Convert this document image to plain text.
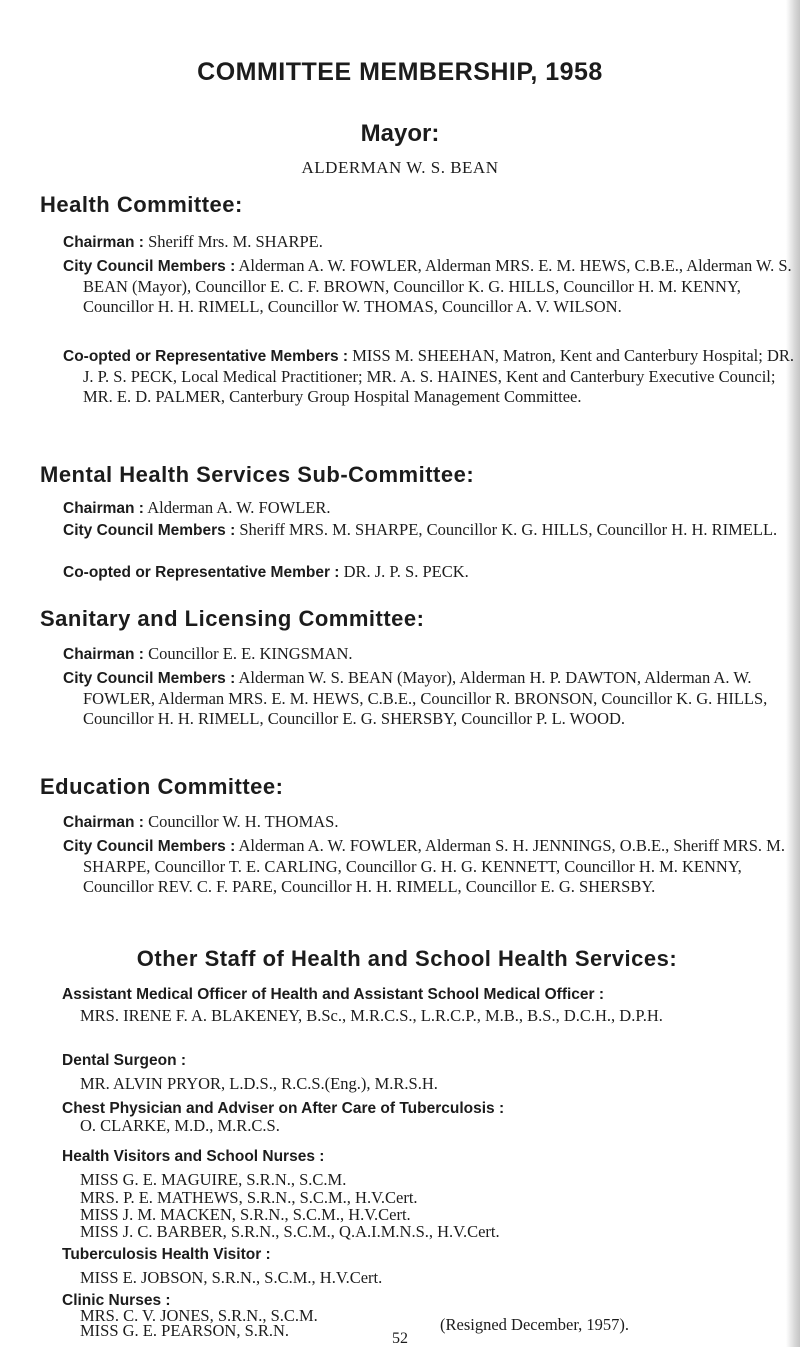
COMMITTEE MEMBERSHIP, 1958
Mayor:
ALDERMAN W. S. BEAN
Health Committee:
Chairman : Sheriff Mrs. M. SHARPE.
City Council Members : Alderman A. W. FOWLER, Alderman MRS. E. M. HEWS, C.B.E., Alderman W. S. BEAN (Mayor), Councillor E. C. F. BROWN, Councillor K. G. HILLS, Councillor H. M. KENNY, Councillor H. H. RIMELL, Councillor W. THOMAS, Councillor A. V. WILSON.
Co-opted or Representative Members : MISS M. SHEEHAN, Matron, Kent and Canterbury Hospital; DR. J. P. S. PECK, Local Medical Practitioner; MR. A. S. HAINES, Kent and Canterbury Executive Council; MR. E. D. PALMER, Canterbury Group Hospital Management Committee.
Mental Health Services Sub-Committee:
Chairman : Alderman A. W. FOWLER.
City Council Members : Sheriff MRS. M. SHARPE, Councillor K. G. HILLS, Councillor H. H. RIMELL.
Co-opted or Representative Member : DR. J. P. S. PECK.
Sanitary and Licensing Committee:
Chairman : Councillor E. E. KINGSMAN.
City Council Members : Alderman W. S. BEAN (Mayor), Alderman H. P. DAWTON, Alderman A. W. FOWLER, Alderman MRS. E. M. HEWS, C.B.E., Councillor R. BRONSON, Councillor K. G. HILLS, Councillor H. H. RIMELL, Councillor E. G. SHERSBY, Councillor P. L. WOOD.
Education Committee:
Chairman : Councillor W. H. THOMAS.
City Council Members : Alderman A. W. FOWLER, Alderman S. H. JENNINGS, O.B.E., Sheriff MRS. M. SHARPE, Councillor T. E. CARLING, Councillor G. H. G. KENNETT, Councillor H. M. KENNY, Councillor REV. C. F. PARE, Councillor H. H. RIMELL, Councillor E. G. SHERSBY.
Other Staff of Health and School Health Services:
Assistant Medical Officer of Health and Assistant School Medical Officer :
MRS. IRENE F. A. BLAKENEY, B.Sc., M.R.C.S., L.R.C.P., M.B., B.S., D.C.H., D.P.H.
Dental Surgeon :
MR. ALVIN PRYOR, L.D.S., R.C.S.(Eng.), M.R.S.H.
Chest Physician and Adviser on After Care of Tuberculosis :
O. CLARKE, M.D., M.R.C.S.
Health Visitors and School Nurses :
MISS G. E. MAGUIRE, S.R.N., S.C.M.
MRS. P. E. MATHEWS, S.R.N., S.C.M., H.V.Cert.
MISS J. M. MACKEN, S.R.N., S.C.M., H.V.Cert.
MISS J. C. BARBER, S.R.N., S.C.M., Q.A.I.M.N.S., H.V.Cert.
Tuberculosis Health Visitor :
MISS E. JOBSON, S.R.N., S.C.M., H.V.Cert.
Clinic Nurses :
MRS. C. V. JONES, S.R.N., S.C.M.
MISS G. E. PEARSON, S.R.N.	(Resigned December, 1957).
52
